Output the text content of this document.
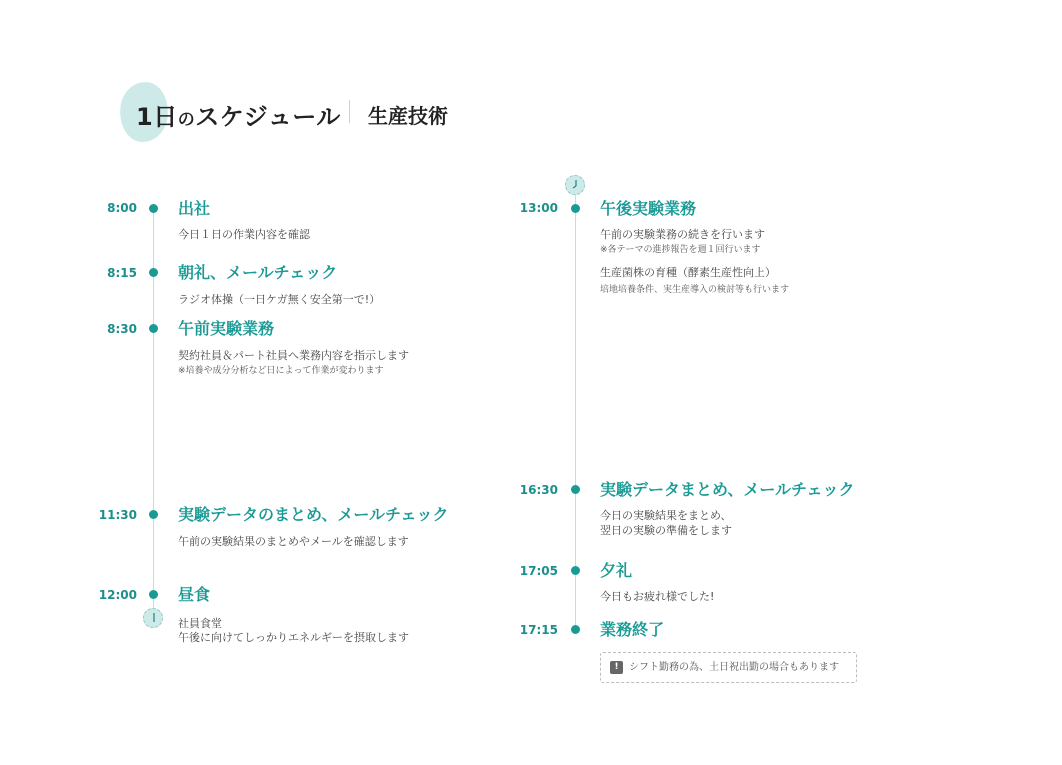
1日のスケジュール 生産技術
8:00	出社
今日１日の作業内容を確認
8:15	朝礼、メールチェック
ラジオ体操（一日ケガ無く安全第一で!）
8:30	午前実験業務
契約社員＆パート社員へ業務内容を指示します
※培養や成分分析など日によって作業が変わります
11:30	実験データのまとめ、メールチェック
午前の実験結果のまとめやメールを確認します
12:00	昼食
社員食堂
午後に向けてしっかりエネルギーを摂取します
13:00	午後実験業務
午前の実験業務の続きを行います
※各テーマの進捗報告を週１回行います
生産菌株の育種（酵素生産性向上）
培地培養条件、実生産導入の検討等も行います
16:30	実験データまとめ、メールチェック
今日の実験結果をまとめ、
翌日の実験の準備をします
17:05	夕礼
今日もお疲れ様でした!
17:15	業務終了
!	シフト勤務の為、土日祝出勤の場合もあります
